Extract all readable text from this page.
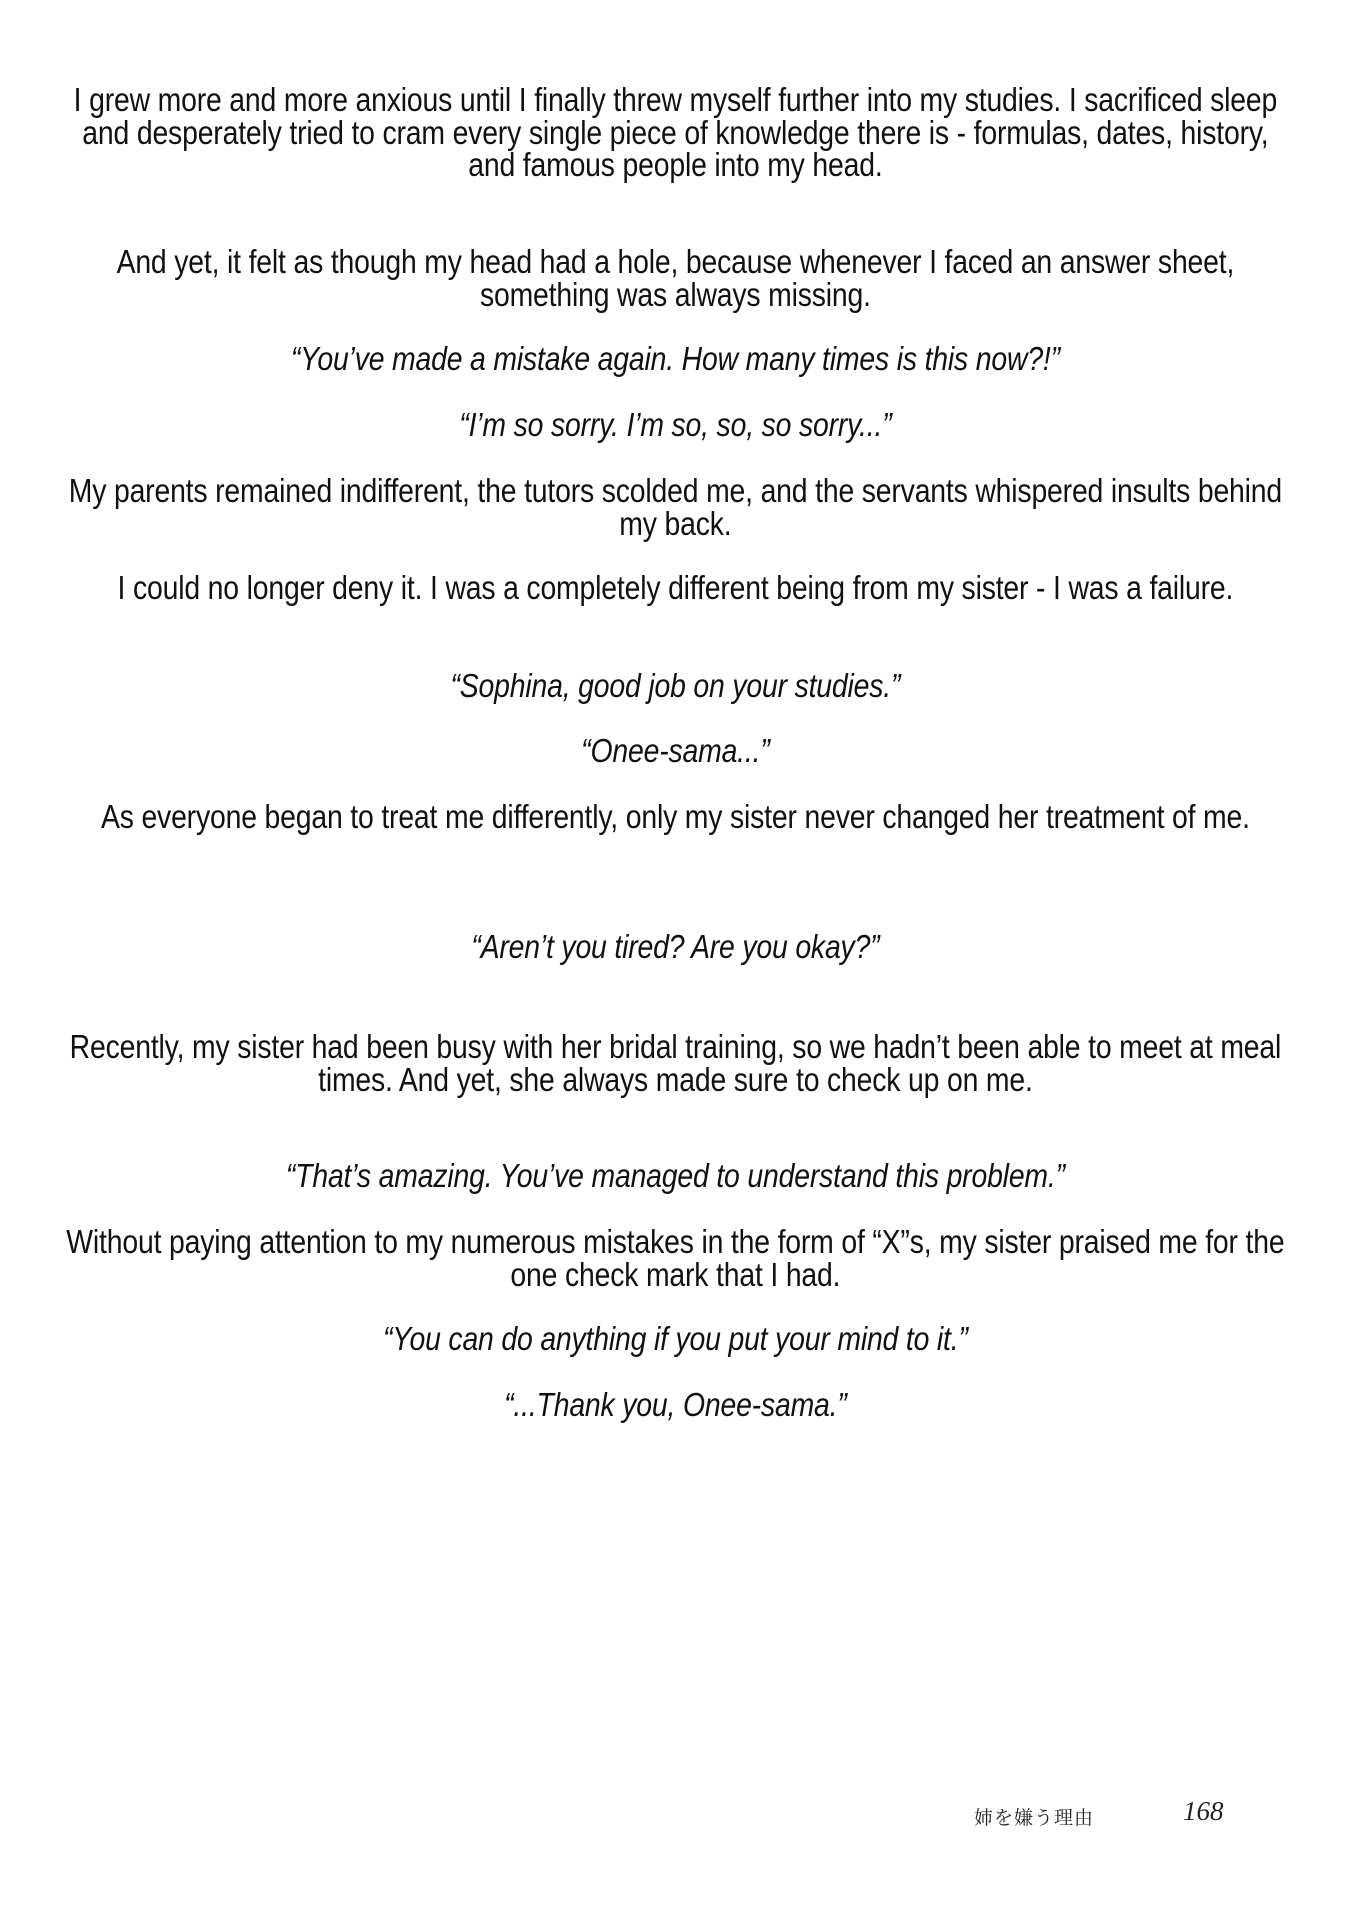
I grew more and more anxious until I finally threw myself further into my studies. I sacrificed sleep and desperately tried to cram every single piece of knowledge there is - formulas, dates, history, and famous people into my head.
And yet, it felt as though my head had a hole, because whenever I faced an answer sheet, something was always missing.
“You’ve made a mistake again. How many times is this now?!”
“I’m so sorry. I’m so, so, so sorry...”
My parents remained indifferent, the tutors scolded me, and the servants whispered insults behind my back.
I could no longer deny it. I was a completely different being from my sister - I was a failure.
“Sophina, good job on your studies.”
“Onee-sama...”
As everyone began to treat me differently, only my sister never changed her treatment of me.
“Aren’t you tired? Are you okay?”
Recently, my sister had been busy with her bridal training, so we hadn’t been able to meet at meal times. And yet, she always made sure to check up on me.
“That’s amazing. You’ve managed to understand this problem.”
Without paying attention to my numerous mistakes in the form of “X”s, my sister praised me for the one check mark that I had.
“You can do anything if you put your mind to it.”
“...Thank you, Onee-sama.”
姉を嫌う理由	168
